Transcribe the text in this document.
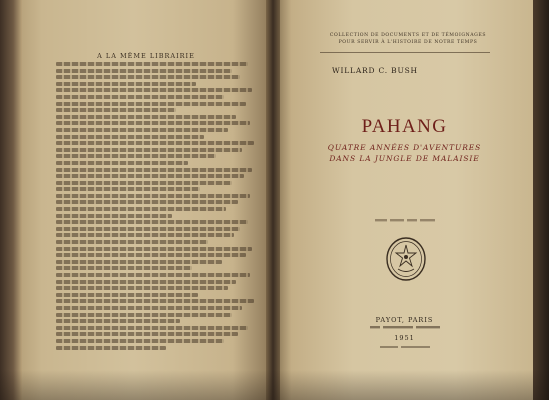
A LA MÊME LIBRAIRIE
COLLECTION DE DOCUMENTS ET DE TÉMOIGNAGES
POUR SERVIR À L'HISTOIRE DE NOTRE TEMPS
WILLARD C. BUSH
PAHANG
QUATRE ANNÉES D'AVENTURES
DANS LA JUNGLE DE MALAISIE
PAYOT, PARIS
1951
